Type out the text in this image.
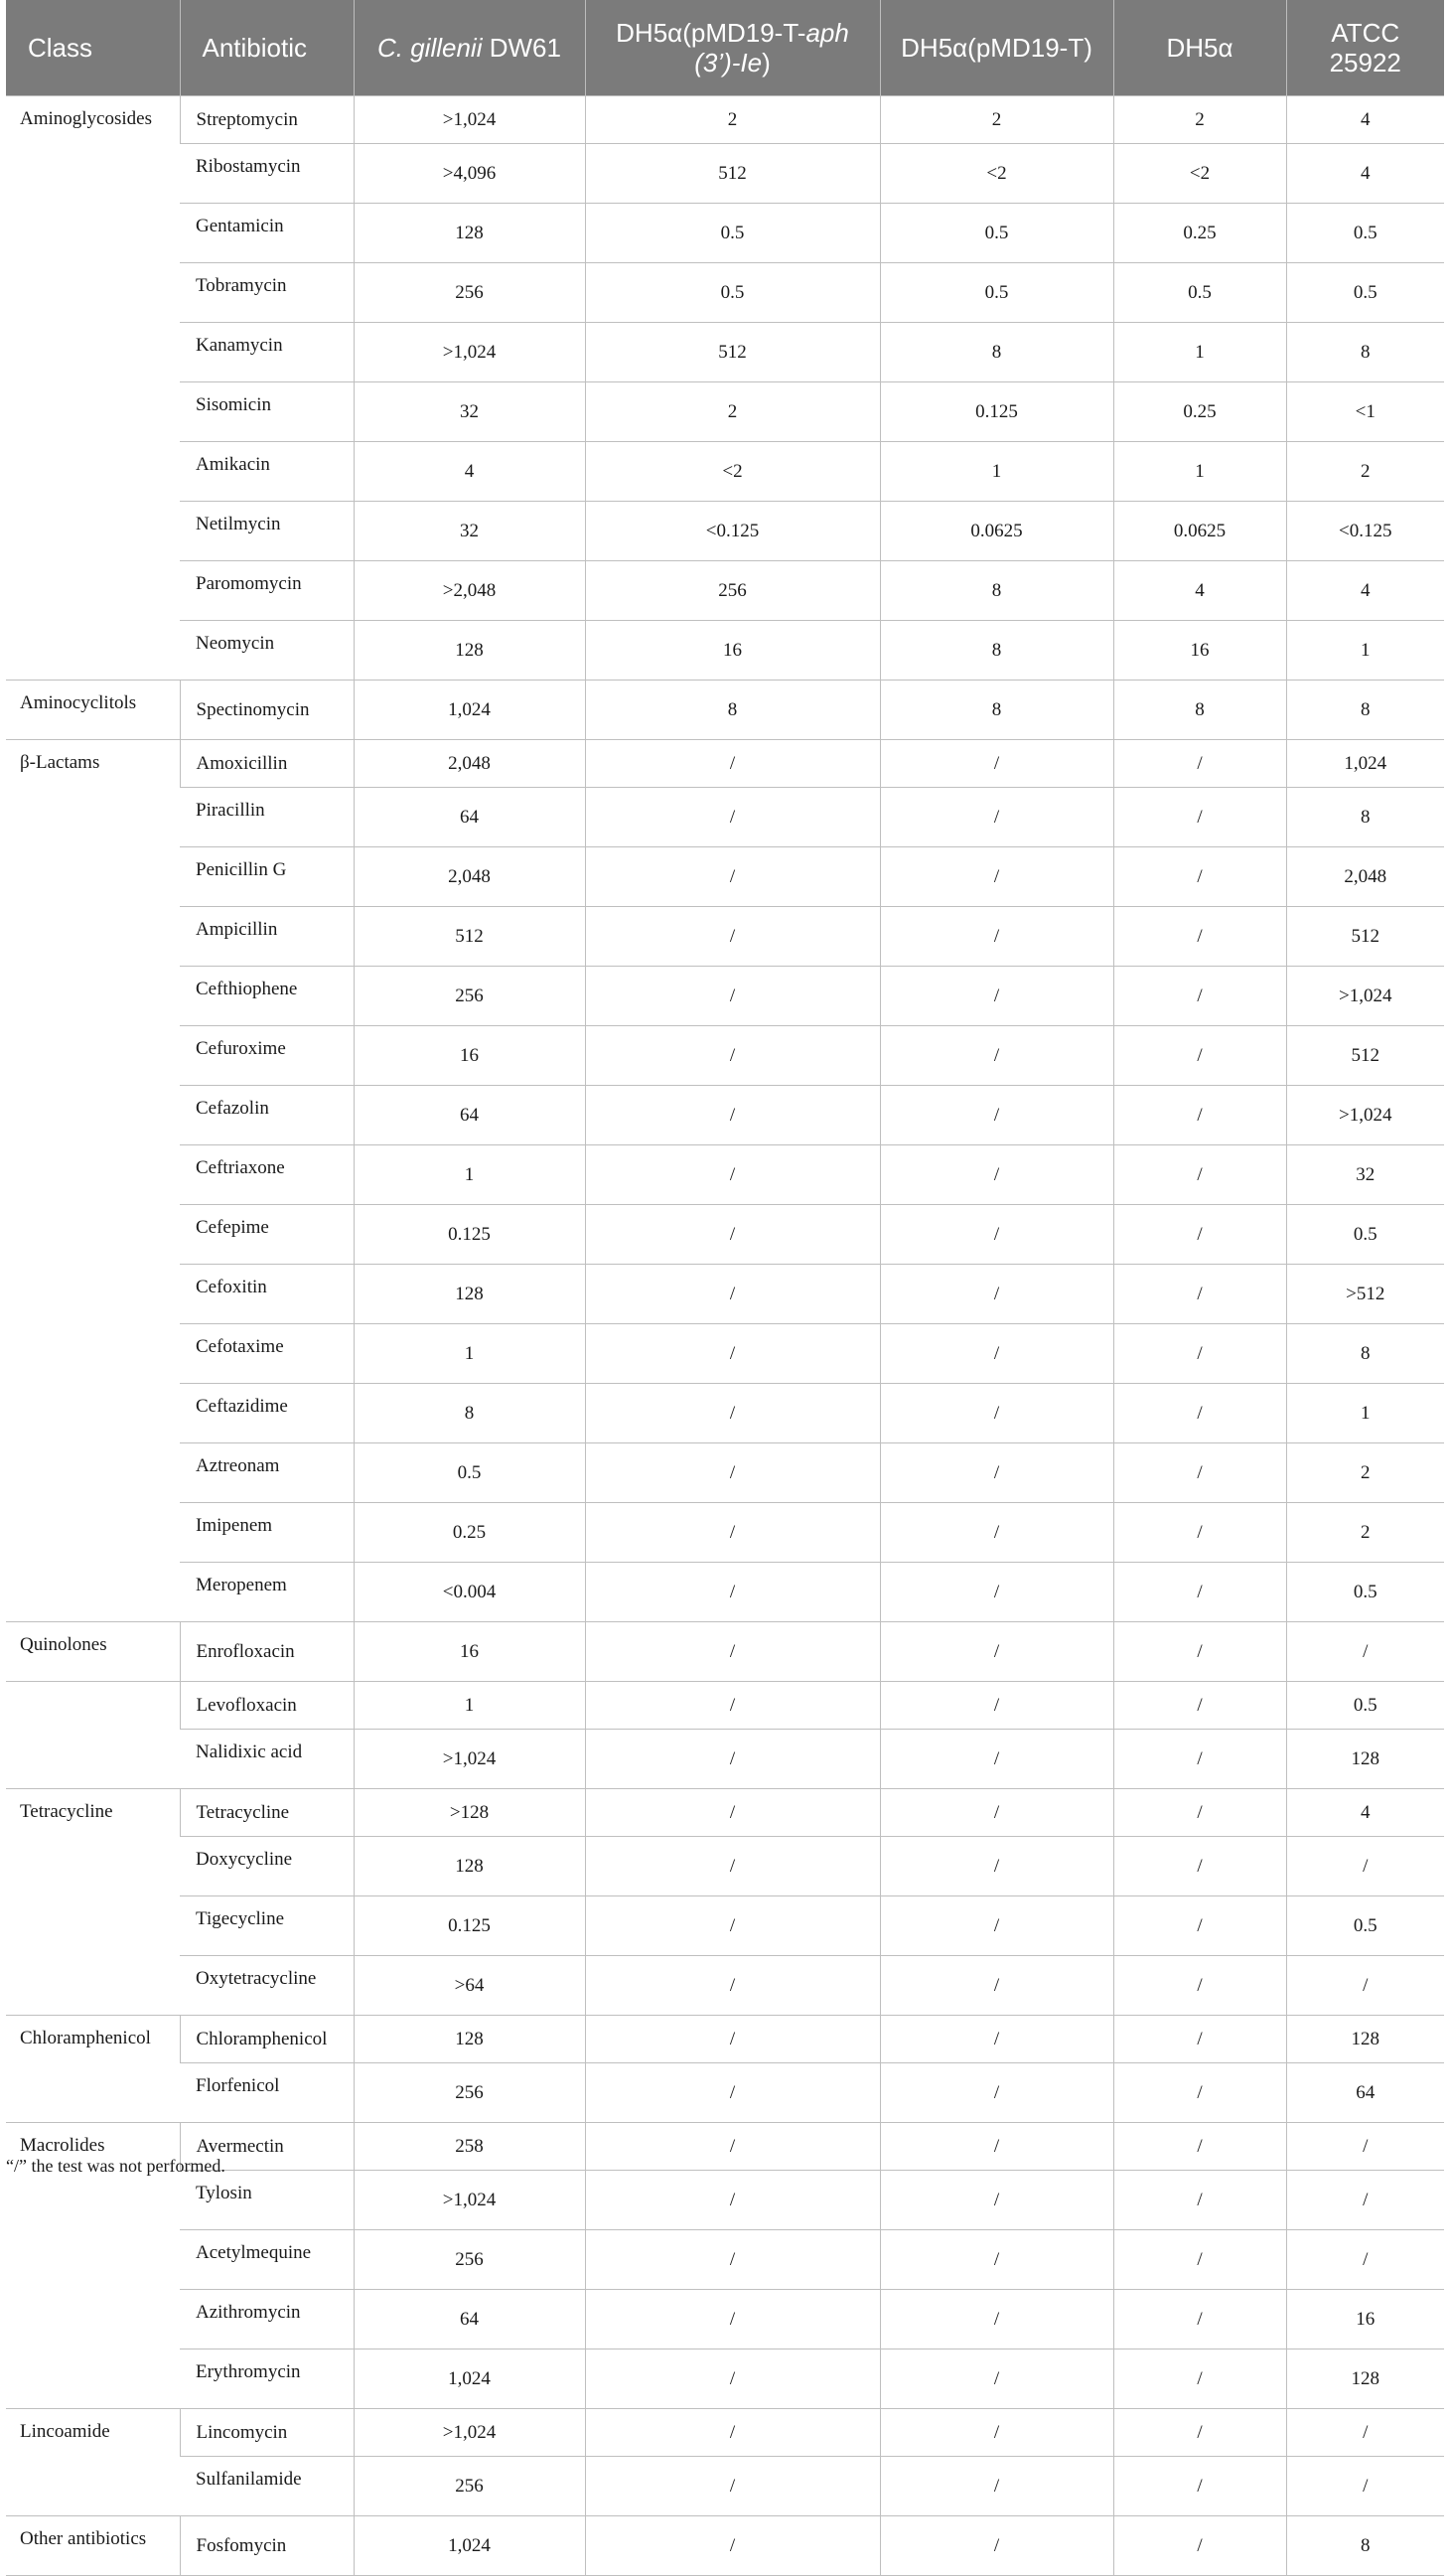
Class	Antibiotic	C. gillenii DW61	DH5α(pMD19-T-aph
(3’)-Ie)	DH5α(pMD19-T)	DH5α	ATCC 25922
Aminoglycosides	Streptomycin	>1,024	2	2	2	4
	Ribostamycin	>4,096	512	<2	<2	4
	Gentamicin	128	0.5	0.5	0.25	0.5
	Tobramycin	256	0.5	0.5	0.5	0.5
	Kanamycin	>1,024	512	8	1	8
	Sisomicin	32	2	0.125	0.25	<1
	Amikacin	4	<2	1	1	2
	Netilmycin	32	<0.125	0.0625	0.0625	<0.125
	Paromomycin	>2,048	256	8	4	4
	Neomycin	128	16	8	16	1
Aminocyclitols	Spectinomycin	1,024	8	8	8	8
β-Lactams	Amoxicillin	2,048	/	/	/	1,024
	Piracillin	64	/	/	/	8
	Penicillin G	2,048	/	/	/	2,048
	Ampicillin	512	/	/	/	512
	Cefthiophene	256	/	/	/	>1,024
	Cefuroxime	16	/	/	/	512
	Cefazolin	64	/	/	/	>1,024
	Ceftriaxone	1	/	/	/	32
	Cefepime	0.125	/	/	/	0.5
	Cefoxitin	128	/	/	/	>512
	Cefotaxime	1	/	/	/	8
	Ceftazidime	8	/	/	/	1
	Aztreonam	0.5	/	/	/	2
	Imipenem	0.25	/	/	/	2
	Meropenem	<0.004	/	/	/	0.5
Quinolones	Enrofloxacin	16	/	/	/	/
	Levofloxacin	1	/	/	/	0.5
	Nalidixic acid	>1,024	/	/	/	128
Tetracycline	Tetracycline	>128	/	/	/	4
	Doxycycline	128	/	/	/	/
	Tigecycline	0.125	/	/	/	0.5
	Oxytetracycline	>64	/	/	/	/
Chloramphenicol	Chloramphenicol	128	/	/	/	128
	Florfenicol	256	/	/	/	64
Macrolides	Avermectin	258	/	/	/	/
	Tylosin	>1,024	/	/	/	/
	Acetylmequine	256	/	/	/	/
	Azithromycin	64	/	/	/	16
	Erythromycin	1,024	/	/	/	128
Lincoamide	Lincomycin	>1,024	/	/	/	/
	Sulfanilamide	256	/	/	/	/
Other antibiotics	Fosfomycin	1,024	/	/	/	8
“/” the test was not performed.
